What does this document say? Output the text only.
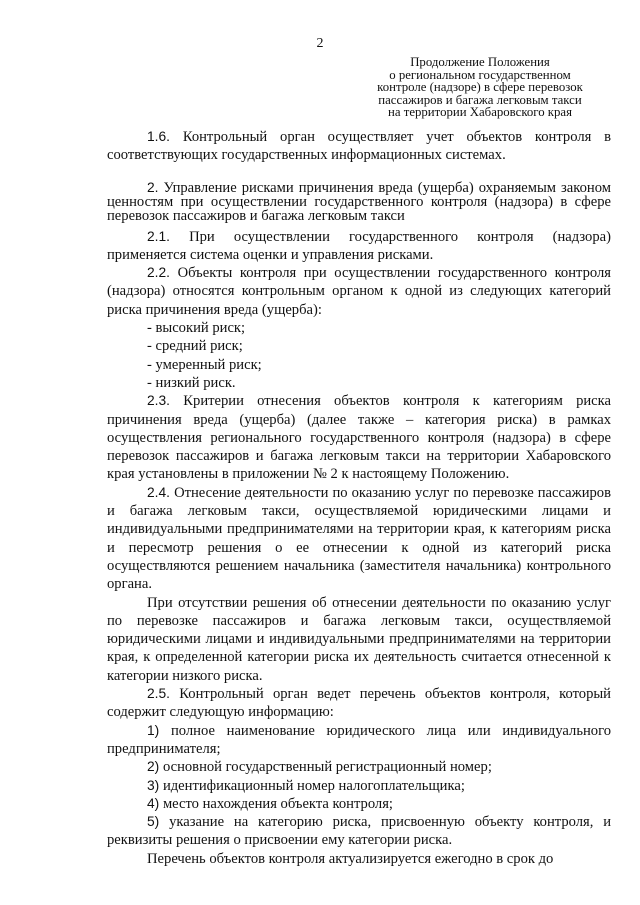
2
Продолжение Положения
о региональном государственном
контроле (надзоре) в сфере перевозок
пассажиров и багажа легковым такси
на территории Хабаровского края

1.6. Контрольный орган осуществляет учет объектов контроля в соответствующих государственных информационных системах.

2. Управление рисками причинения вреда (ущерба) охраняемым законом ценностям при осуществлении государственного контроля (надзора) в сфере перевозок пассажиров и багажа легковым такси

2.1. При осуществлении государственного контроля (надзора) применяется система оценки и управления рисками.

2.2. Объекты контроля при осуществлении государственного контроля (надзора) относятся контрольным органом к одной из следующих категорий риска причинения вреда (ущерба):

- высокий риск;

- средний риск;

- умеренный риск;

- низкий риск.

2.3. Критерии отнесения объектов контроля к категориям риска причинения вреда (ущерба) (далее также – категория риска) в рамках осуществления регионального государственного контроля (надзора) в сфере перевозок пассажиров и багажа легковым такси на территории Хабаровского края установлены в приложении № 2 к настоящему Положению.

2.4. Отнесение деятельности по оказанию услуг по перевозке пассажиров и багажа легковым такси, осуществляемой юридическими лицами и индивидуальными предпринимателями на территории края, к категориям риска и пересмотр решения о ее отнесении к одной из категорий риска осуществляются решением начальника (заместителя начальника) контрольного органа.

При отсутствии решения об отнесении деятельности по оказанию услуг по перевозке пассажиров и багажа легковым такси, осуществляемой юридическими лицами и индивидуальными предпринимателями на территории края, к определенной категории риска их деятельность считается отнесенной к категории низкого риска.

2.5. Контрольный орган ведет перечень объектов контроля, который содержит следующую информацию:

1) полное наименование юридического лица или индивидуального предпринимателя;

2) основной государственный регистрационный номер;

3) идентификационный номер налогоплательщика;

4) место нахождения объекта контроля;

5) указание на категорию риска, присвоенную объекту контроля, и реквизиты решения о присвоении ему категории риска.

Перечень объектов контроля актуализируется ежегодно в срок до
